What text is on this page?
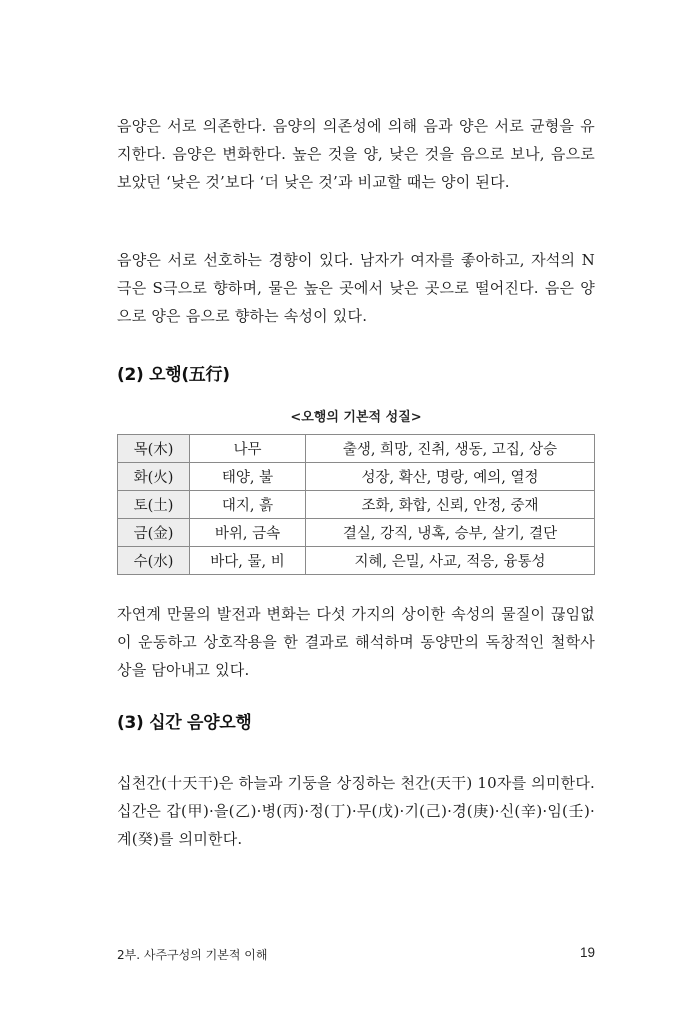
음양은 서로 의존한다. 음양의 의존성에 의해 음과 양은 서로 균형을 유지한다. 음양은 변화한다. 높은 것을 양, 낮은 것을 음으로 보나, 음으로 보았던 ‘낮은 것’보다 ‘더 낮은 것’과 비교할 때는 양이 된다.

음양은 서로 선호하는 경향이 있다. 남자가 여자를 좋아하고, 자석의 N극은 S극으로 향하며, 물은 높은 곳에서 낮은 곳으로 떨어진다. 음은 양으로 양은 음으로 향하는 속성이 있다.

(2) 오행(五行)

<오행의 기본적 성질>

목(木)	나무	출생, 희망, 진취, 생동, 고집, 상승
화(火)	태양, 불	성장, 확산, 명랑, 예의, 열정
토(土)	대지, 흙	조화, 화합, 신뢰, 안정, 중재
금(金)	바위, 금속	결실, 강직, 냉혹, 승부, 살기, 결단
수(水)	바다, 물, 비	지혜, 은밀, 사교, 적응, 융통성

자연계 만물의 발전과 변화는 다섯 가지의 상이한 속성의 물질이 끊임없이 운동하고 상호작용을 한 결과로 해석하며 동양만의 독창적인 철학사상을 담아내고 있다.

(3) 십간 음양오행

십천간(十天干)은 하늘과 기둥을 상징하는 천간(天干) 10자를 의미한다. 십간은 갑(甲)·을(乙)·병(丙)·정(丁)·무(戊)·기(己)·경(庚)·신(辛)·임(壬)·계(癸)를 의미한다.

2부. 사주구성의 기본적 이해	19
